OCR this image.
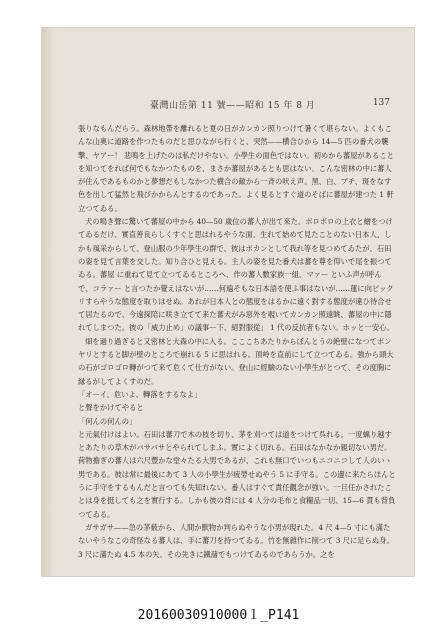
臺灣山岳第 11 號——昭和 15 年 8 月	137

張りなもんだらう。森林地帶を離れると夏の日がカンカン照りつけて暑くて堪らない。よくもこんな山奧に道路を作つたものだと思ひながら行くと、突然——横合ひから 14—5 匹の番犬の襲撃、ヤアー！ 悲鳴を上げたのは私だけやない。小學生の面色ではない。初めから蕃屋があることを知つてをれば何でもなかつたものを、まさか蕃屋があるとも思はない、こんな密林の中に蕃人が住んであるものかと夢想だもしなかつた横合の敵から一斉の吠え声。黑、白、ブチ、斑をなす色を出して猛然と飛びかからんとするのであった。よく見るとすぐ道のそばに蕃屋が建つた 1 軒立つてゐる。

犬の鳴き聲に驚いて蕃屋の中から 40—50 歲位の蕃人が出て來た。ボロボロの上衣と繒をつけてゐるだけ、實直善良らしくすぐと思はれるやうな面、生れて始めて見たことのない日本人、しかも風采からして、登山服の少年學生の群で、彼はボカンとして我れ等を見つめてゐたが、石田の姿を見て言葉を交した。知り合ひと見える。主人の姿を見た番犬は蕃を尊を仰いで尾を振つてゐる。蕃屋 に重ねて見て立つてゐるところへ、作の蕃人數家族一組、マァー といふ声が呼んで、コラァー と言つたか覺えはないが……何遍そもな日本語を使ふ事はないが……蓮に向ビックリすらやうな態度を取りはせぬ。あれが日本人との態度をはるかに遠く對する態度が違ひ待合せて居たるので、今遠探陪に咲き立てて来た蕃犬がみ窓外を覗いてカンカン照遠眺、蕃屋の中に隱れてしまつた。彼の「威力止め」の議事ー下、絕對服從」 1 代の反抗者もない。ホッと一安心。

畑を過り過ぎると又密林と大森の中に入る。こここちあたりからぼんとうの絶壁になつてボンヤリとすると脚が壁のところで崩れる 5 に思はれる。頂岭を直前にして立つてゐる。強から頭大の石がゴロゴロ轉がつて来て危くて仕方がない。登山に經驗のない小學生がとつて、その度胸に縁るがしてよくすのだ。

「オーイ、危いよ、轉落をするなよ」

と聲をかけてやると

「何んの何んの」

と元氣付けはよい。石田は蕃刀で木の枝を切り、茅を刈つては道をつけて呉れる。一度蝋り越すとあたりの草木がバサバサとやられてしまふ。實によく切れる。石田はなかなか親切ない男だ。荷物擔ぎの蕃人は六尺豐かな堂々たる大男であるが、これも無口でいつもニコニコして人のいゝ男である。彼は常に最後にあて 3 人の小學生が疲勞せぬやう 5 に手守る。この邊に来たらほんとうに手守をするもんだと言つても失知れない。番人はすぐて責任觀念が強い。一旦任かされたことは身を挺しても之を實行する。しかも彼の背には 4 人分の毛布と食糧品一切、15—6 貫も背負つてゐる。

ガサガサ——急の茅薮から、人間か獸物か判らぬやうな小男が現れた。4 尺 4—5 寸にも滿たないやうなこの奇怪なる蕃人は、手に蕃刀を持つてゐる。竹を無雜作に削つて 3 尺に足らぬ身。3 尺に滿たぬ 4.5 本の矢、その先きに鐵藷でもつけてゐるのであらうか。之を

20160030910000１_P141
